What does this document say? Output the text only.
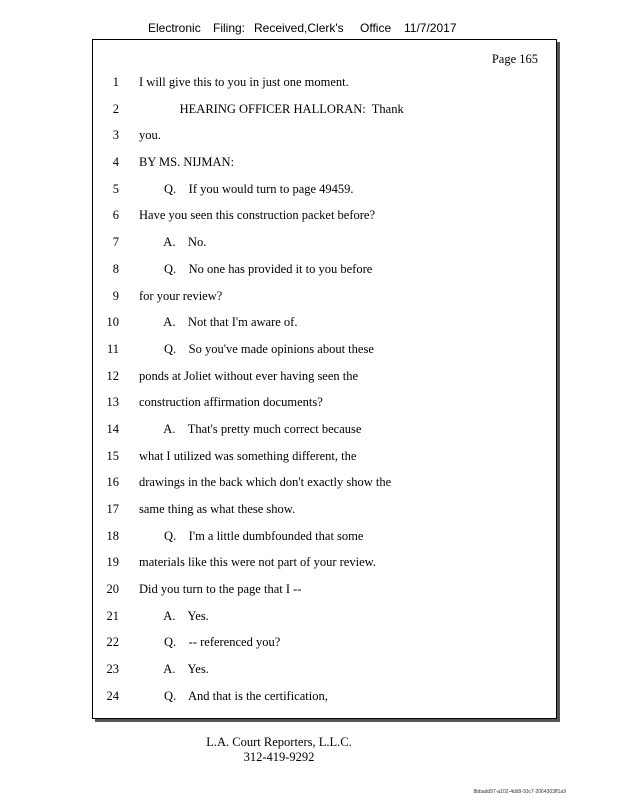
Electronic Filing: Received,Clerk's Office 11/7/2017
Page 165
1 I will give this to you in just one moment.
2 HEARING OFFICER HALLORAN:  Thank
3 you.
4 BY MS. NIJMAN:
5 Q.    If you would turn to page 49459.
6 Have you seen this construction packet before?
7 A.    No.
8 Q.    No one has provided it to you before
9 for your review?
10 A.    Not that I'm aware of.
11 Q.    So you've made opinions about these
12 ponds at Joliet without ever having seen the
13 construction affirmation documents?
14 A.    That's pretty much correct because
15 what I utilized was something different, the
16 drawings in the back which don't exactly show the
17 same thing as what these show.
18 Q.    I'm a little dumbfounded that some
19 materials like this were not part of your review.
20 Did you turn to the page that I --
21 A.    Yes.
22 Q.    -- referenced you?
23 A.    Yes.
24 Q.    And that is the certification,
L.A. Court Reporters, L.L.C.
312-419-9292
8bbadd97-a102-4dd9-93c7-2064303ff1a9
